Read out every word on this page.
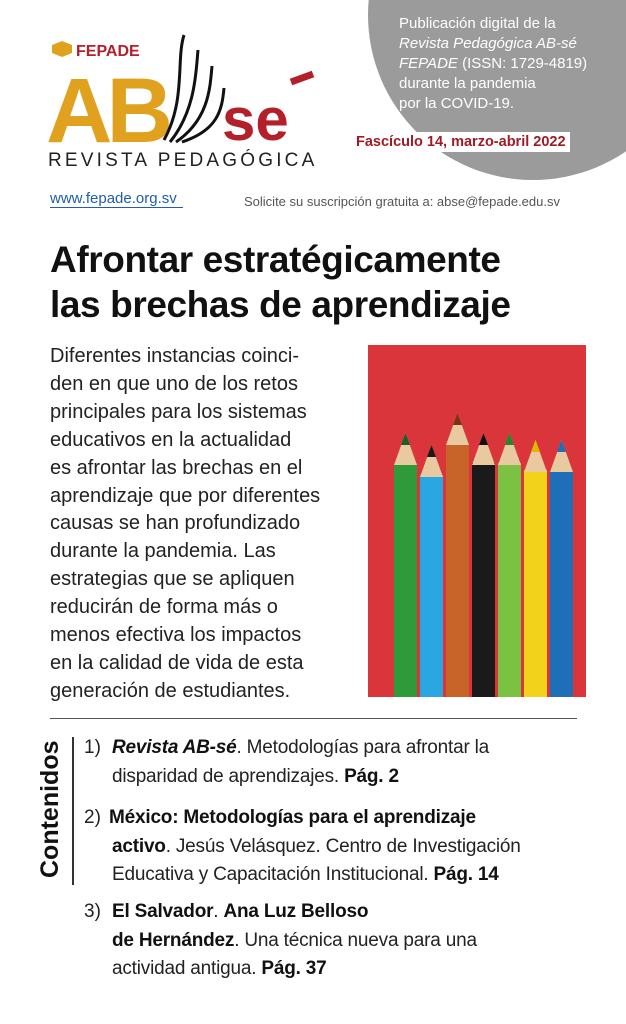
Publicación digital de la
Revista Pedagógica AB-sé
FEPADE (ISSN: 1729-4819)
durante la pandemia
por la COVID-19.
Fascículo 14, marzo-abril 2022
FEPADE
AB se
REVISTA PEDAGÓGICA
www.fepade.org.sv	Solicite su suscripción gratuita a: abse@fepade.edu.sv
Afrontar estratégicamente
las brechas de aprendizaje
Diferentes instancias coinci-
den en que uno de los retos
principales para los sistemas
educativos en la actualidad
es afrontar las brechas en el
aprendizaje que por diferentes
causas se han profundizado
durante la pandemia. Las
estrategias que se apliquen
reducirán de forma más o
menos efectiva los impactos
en la calidad de vida de esta
generación de estudiantes.
Contenidos 1) Revista AB-sé. Metodologías para afrontar la
disparidad de aprendizajes. Pág. 2
2) México: Metodologías para el aprendizaje
activo. Jesús Velásquez. Centro de Investigación
Educativa y Capacitación Institucional. Pág. 14
3) El Salvador. Ana Luz Belloso
de Hernández. Una técnica nueva para una
actividad antigua. Pág. 37
